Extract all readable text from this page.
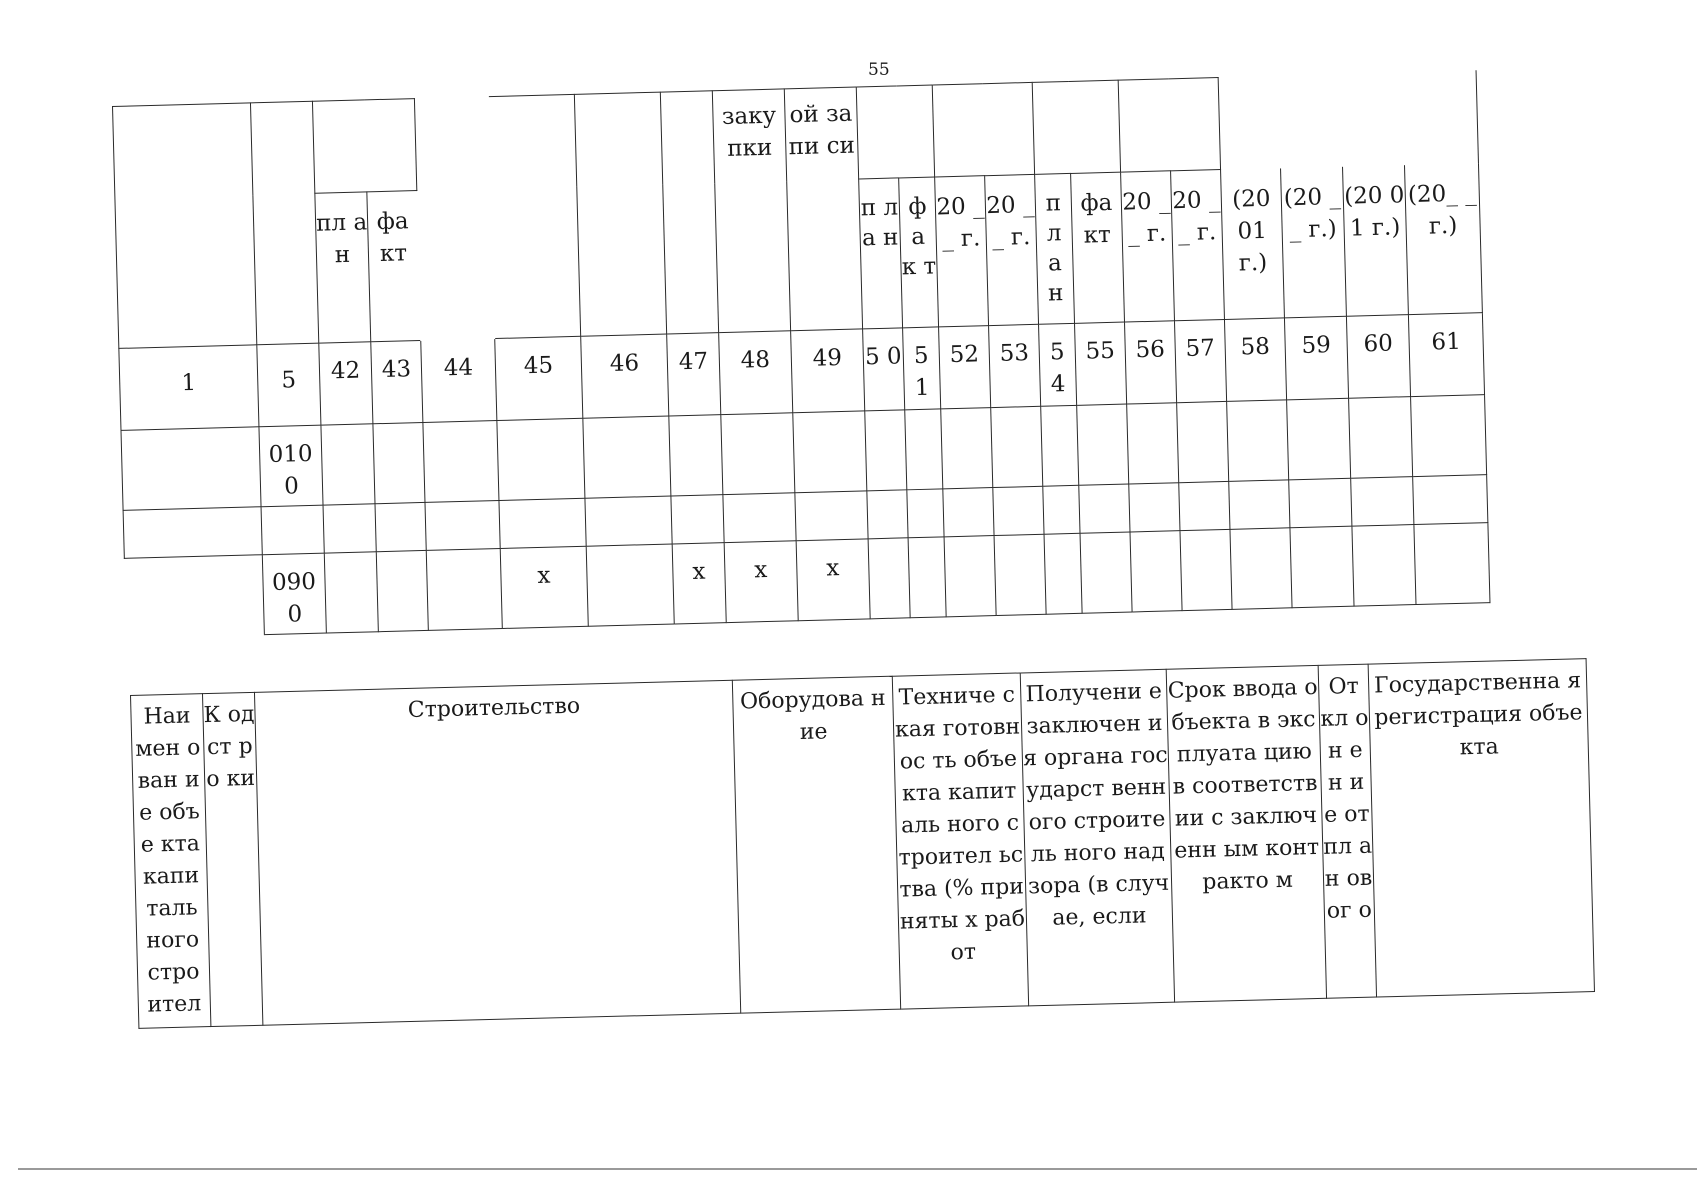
55
								заку пки	ой запи си												
		пл ан	фа кт							п л а н	ф а к т	20 __ г.	20 __ г.	п л а н	фа кт	20 __ г.	20 __ г.	(20 01 г.)	(20 __ г.)	(20 01 г.)	(20_ _ г.)
1	5	42	43	44	45	46	47	48	49	5 0	5 1	52	53	5 4	55	56	57	58	59	60	61
	010 0																				

	090 0				х		х	х	х												
Наи мен ован ие объе кта капи таль ного стро ител	К од ст ро ки	Строительство	Оборудова ние	Техниче ская готовнос ть объекта капиталь ного строител ьства (% приняты х работ	Получени е заключен ия органа государст венного строитель ного надзора (в случае, если	Срок ввода объекта в эксплуата цию в соответств ии с заключенн ым контракто м	От кл он ен ие от пл ан ов ог о	Государственна я регистрация объекта
